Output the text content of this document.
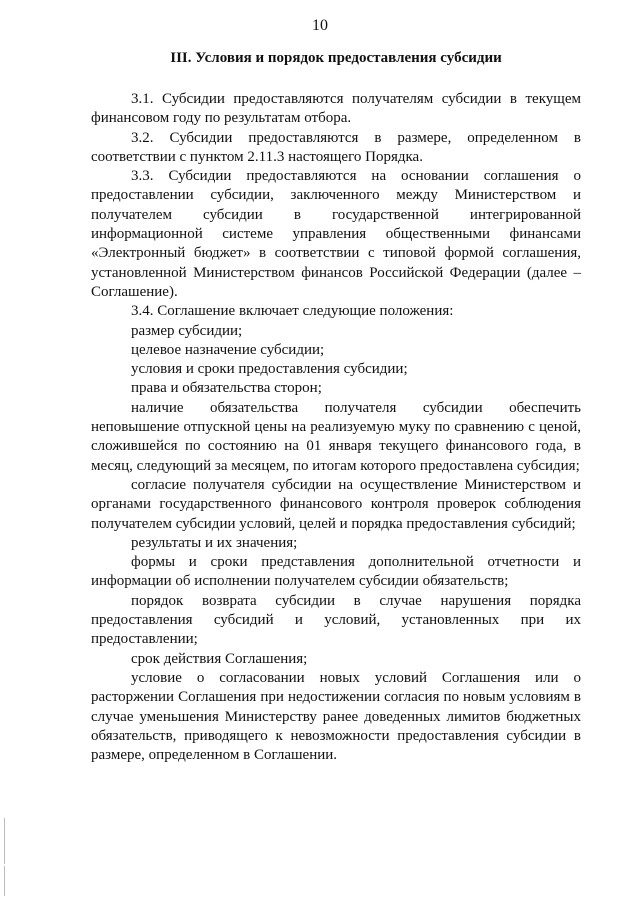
10
III. Условия и порядок предоставления субсидии

3.1. Субсидии предоставляются получателям субсидии в текущем финансовом году по результатам отбора.

3.2. Субсидии предоставляются в размере, определенном в соответствии с пунктом 2.11.3 настоящего Порядка.

3.3. Субсидии предоставляются на основании соглашения о предоставлении субсидии, заключенного между Министерством и получателем субсидии в государственной интегрированной информационной системе управления общественными финансами «Электронный бюджет» в соответствии с типовой формой соглашения, установленной Министерством финансов Российской Федерации (далее – Соглашение).

3.4. Соглашение включает следующие положения:

размер субсидии;

целевое назначение субсидии;

условия и сроки предоставления субсидии;

права и обязательства сторон;

наличие обязательства получателя субсидии обеспечить неповышение отпускной цены на реализуемую муку по сравнению с ценой, сложившейся по состоянию на 01 января текущего финансового года, в месяц, следующий за месяцем, по итогам которого предоставлена субсидия;

согласие получателя субсидии на осуществление Министерством и органами государственного финансового контроля проверок соблюдения получателем субсидии условий, целей и порядка предоставления субсидий;

результаты и их значения;

формы и сроки представления дополнительной отчетности и информации об исполнении получателем субсидии обязательств;

порядок возврата субсидии в случае нарушения порядка предоставления субсидий и условий, установленных при их предоставлении;

срок действия Соглашения;

условие о согласовании новых условий Соглашения или о расторжении Соглашения при недостижении согласия по новым условиям в случае уменьшения Министерству ранее доведенных лимитов бюджетных обязательств, приводящего к невозможности предоставления субсидии в размере, определенном в Соглашении.
